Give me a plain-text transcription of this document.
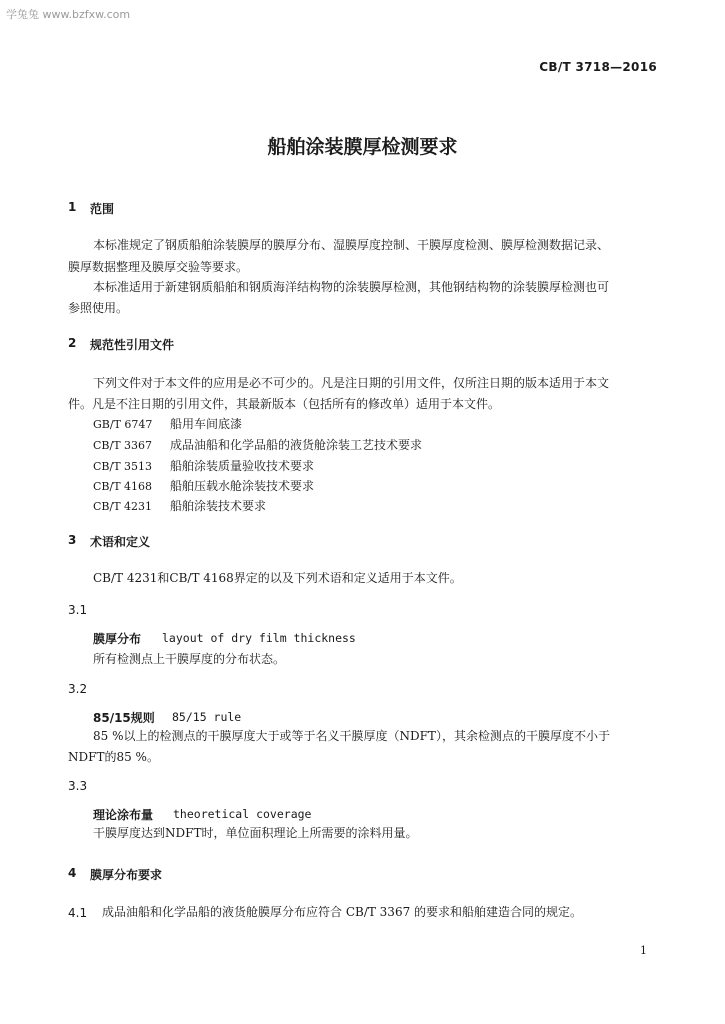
学兔兔 www.bzfxw.com
CB/T 3718—2016
船舶涂装膜厚检测要求
1 范围
本标准规定了钢质船舶涂装膜厚的膜厚分布、湿膜厚度控制、干膜厚度检测、膜厚检测数据记录、
膜厚数据整理及膜厚交验等要求。
本标准适用于新建钢质船舶和钢质海洋结构物的涂装膜厚检测，其他钢结构物的涂装膜厚检测也可
参照使用。
2 规范性引用文件
下列文件对于本文件的应用是必不可少的。凡是注日期的引用文件，仅所注日期的版本适用于本文
件。凡是不注日期的引用文件，其最新版本（包括所有的修改单）适用于本文件。
GB/T 6747 船用车间底漆
CB/T 3367 成品油船和化学品船的液货舱涂装工艺技术要求
CB/T 3513 船舶涂装质量验收技术要求
CB/T 4168 船舶压载水舱涂装技术要求
CB/T 4231 船舶涂装技术要求
3 术语和定义
CB/T 4231和CB/T 4168界定的以及下列术语和定义适用于本文件。
3.1
膜厚分布 layout of dry film thickness
所有检测点上干膜厚度的分布状态。
3.2
85/15规则 85/15 rule
85 %以上的检测点的干膜厚度大于或等于名义干膜厚度（NDFT），其余检测点的干膜厚度不小于
NDFT的85 %。
3.3
理论涂布量 theoretical coverage
干膜厚度达到NDFT时，单位面积理论上所需要的涂料用量。
4 膜厚分布要求
4.1 成品油船和化学品船的液货舱膜厚分布应符合 CB/T 3367 的要求和船舶建造合同的规定。
1
